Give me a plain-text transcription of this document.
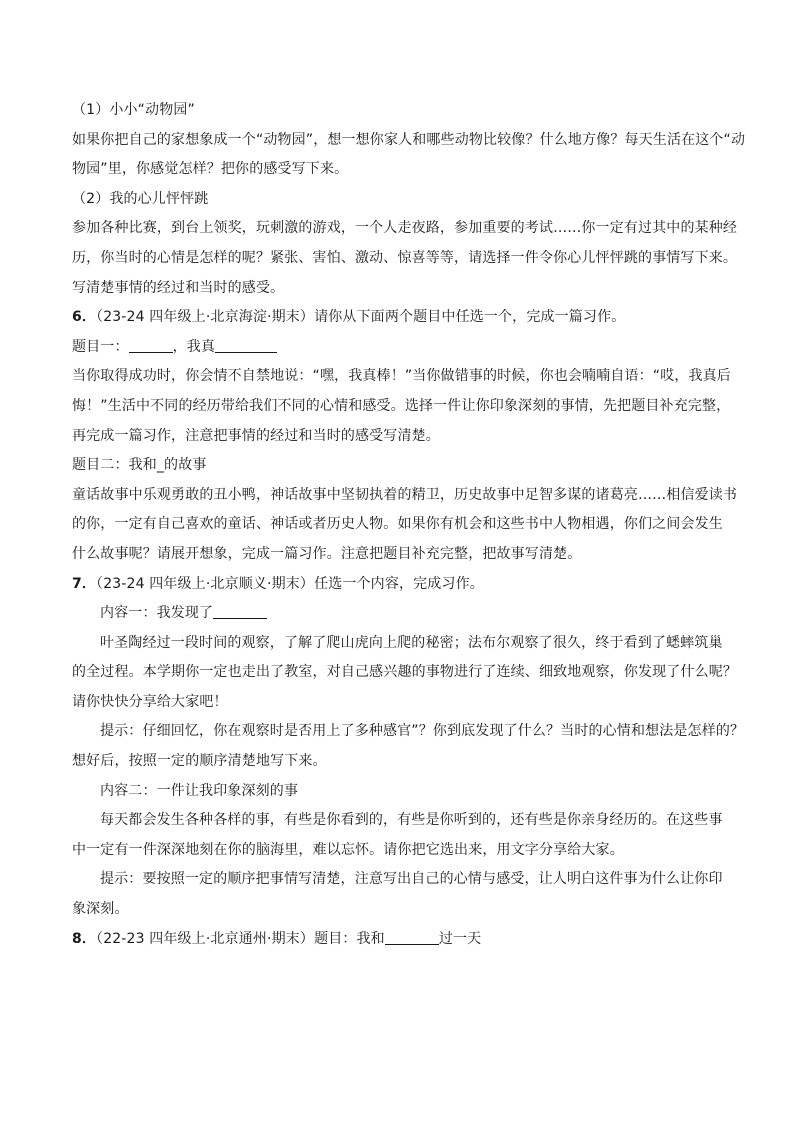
（1）小小“动物园”
如果你把自己的家想象成一个“动物园”，想一想你家人和哪些动物比较像？什么地方像？每天生活在这个“动
物园”里，你感觉怎样？把你的感受写下来。
（2）我的心儿怦怦跳
参加各种比赛，到台上领奖，玩刺激的游戏，一个人走夜路，参加重要的考试……你一定有过其中的某种经
历，你当时的心情是怎样的呢？紧张、害怕、激动、惊喜等等，请选择一件令你心儿怦怦跳的事情写下来。
写清楚事情的经过和当时的感受。
6．（23-24 四年级上·北京海淀·期末）请你从下面两个题目中任选一个，完成一篇习作。
题目一：	，我真
当你取得成功时，你会情不自禁地说：“嘿，我真棒！”当你做错事的时候，你也会喃喃自语：“哎，我真后
悔！”生活中不同的经历带给我们不同的心情和感受。选择一件让你印象深刻的事情，先把题目补充完整，
再完成一篇习作，注意把事情的经过和当时的感受写清楚。
题目二：我和_的故事
童话故事中乐观勇敢的丑小鸭，神话故事中坚韧执着的精卫，历史故事中足智多谋的诸葛亮……相信爱读书
的你，一定有自己喜欢的童话、神话或者历史人物。如果你有机会和这些书中人物相遇，你们之间会发生
什么故事呢？请展开想象，完成一篇习作。注意把题目补充完整，把故事写清楚。
7．（23-24 四年级上·北京顺义·期末）任选一个内容，完成习作。
内容一：我发现了
叶圣陶经过一段时间的观察，了解了爬山虎向上爬的秘密；法布尔观察了很久，终于看到了蟋蟀筑巢
的全过程。本学期你一定也走出了教室，对自己感兴趣的事物进行了连续、细致地观察，你发现了什么呢？
请你快快分享给大家吧！
提示：仔细回忆，你在观察时是否用上了多种感官”？你到底发现了什么？当时的心情和想法是怎样的？
想好后，按照一定的顺序清楚地写下来。
内容二：一件让我印象深刻的事
每天都会发生各种各样的事，有些是你看到的，有些是你听到的，还有些是你亲身经历的。在这些事
中一定有一件深深地刻在你的脑海里，难以忘怀。请你把它选出来，用文字分享给大家。
提示：要按照一定的顺序把事情写清楚，注意写出自己的心情与感受，让人明白这件事为什么让你印
象深刻。
8．（22-23 四年级上·北京通州·期末）题目：我和	过一天
